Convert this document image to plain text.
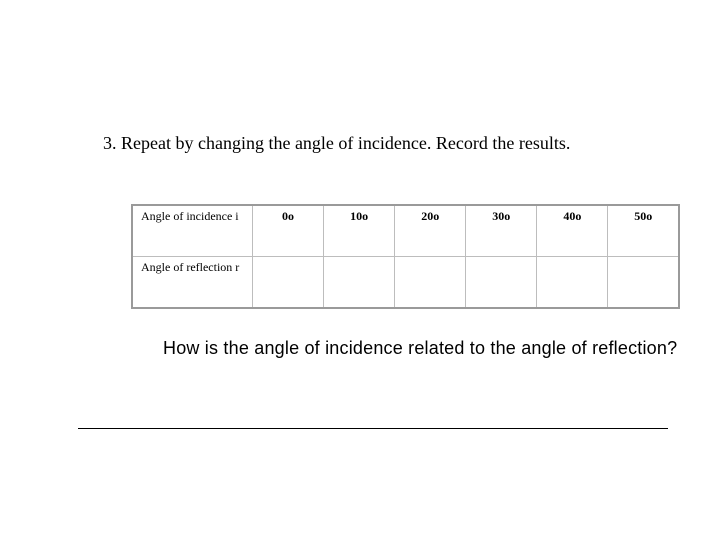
3. Repeat by changing the angle of incidence. Record the results.
Angle of incidence i	0o	10o	20o	30o	40o	50o
Angle of reflection r						
How is the angle of incidence related to the angle of reflection?
